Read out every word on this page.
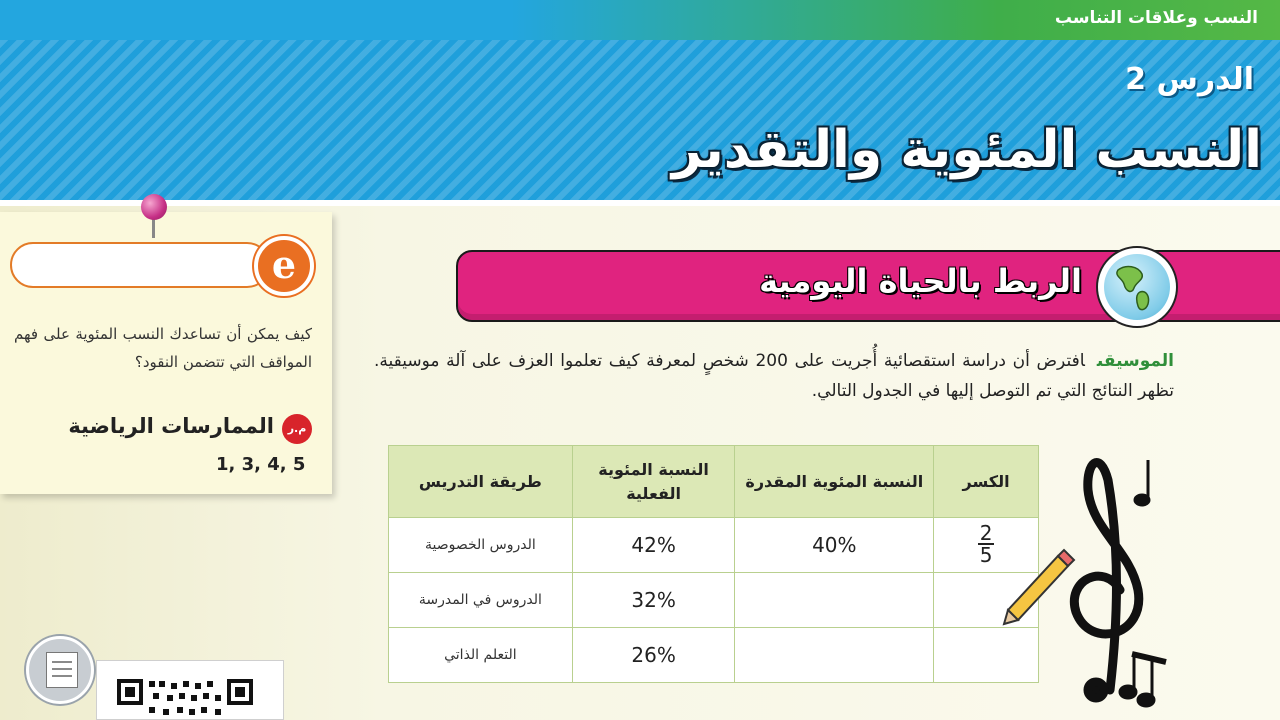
النسب وعلاقات التناسب
الدرس 2
النسب المئوية والتقدير
e
كيف يمكن أن تساعدك النسب المئوية على فهم المواقف التي تتضمن النقود؟
م.ر
الممارسات الرياضية
1, 3, 4, 5
الربط بالحياة اليومية
الموسيقىافترض أن دراسة استقصائية أُجريت على 200 شخصٍ لمعرفة كيف تعلموا العزف على آلة موسيقية. تظهر النتائج التي تم التوصل إليها في الجدول التالي.
الكسر	النسبة المئوية المقدرة	النسبة المئوية الفعلية	طريقة التدريس

$\frac{2}{5}$	40%	42%	الدروس الخصوصية
		32%	الدروس في المدرسة
		26%	التعلم الذاتي
